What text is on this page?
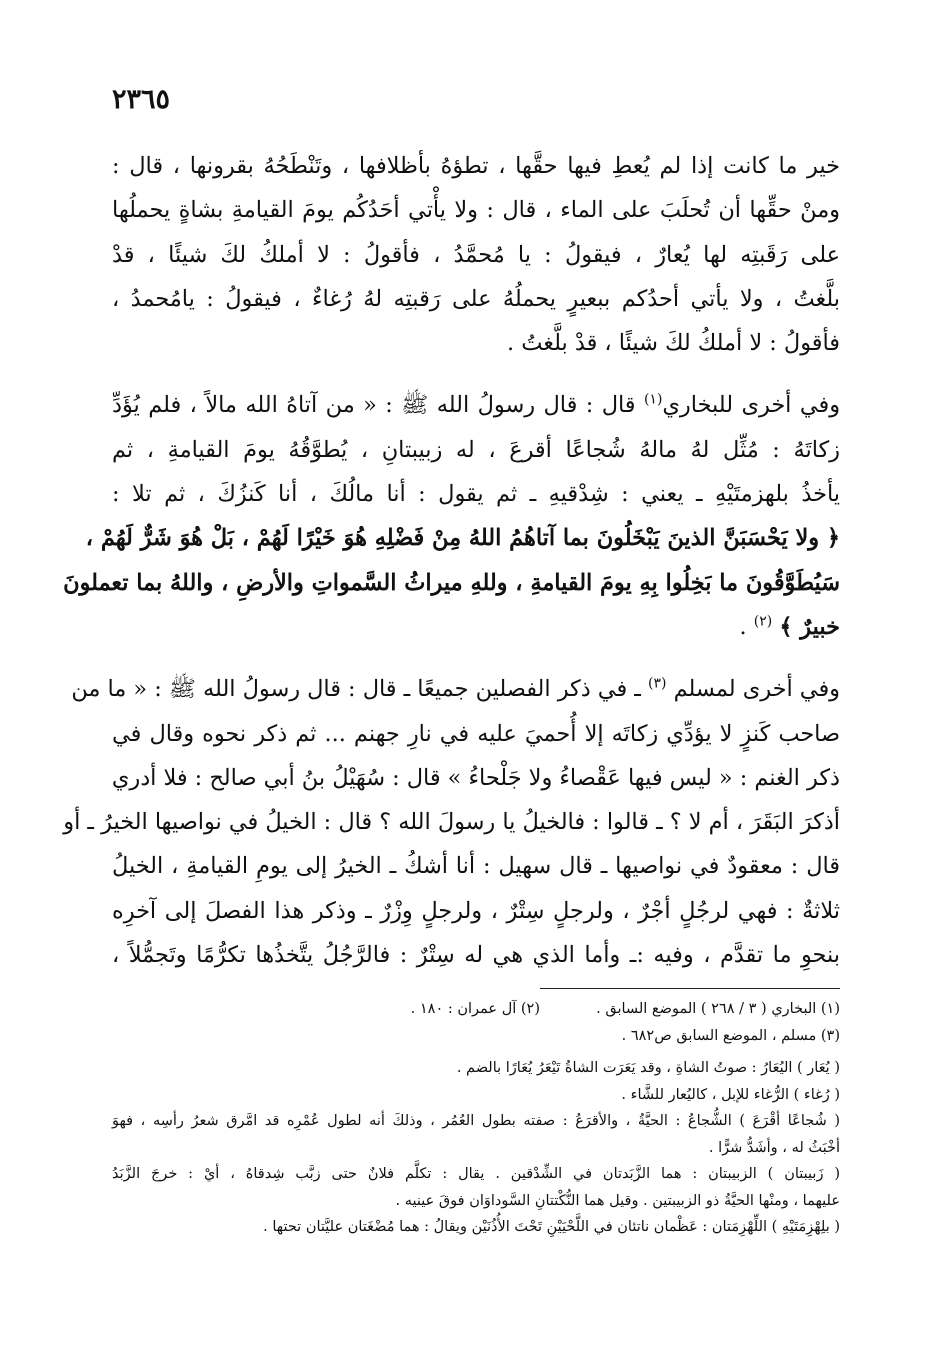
٢٣٦٥
خير ما كانت إذا لم يُعطِ فيها حقَّها ، تطؤهُ بأظلافها ، وتَنْطَحُهُ بقرونها ، قال :
ومنْ حقِّها أن تُحلَبَ على الماء ، قال : ولا يأْتي أحَدُكُم يومَ القيامةِ بشاةٍ يحملُها
على رَقَبتِه لها يُعارٌ ، فيقولُ : يا مُحمَّدُ ، فأقولُ : لا أملكُ لكَ شيئًا ، قدْ
بلَّغتُ ، ولا يأتي أحدُكم ببعيرٍ يحملُهُ على رَقبتِه لهُ رُغاءٌ ، فيقولُ : يامُحمدُ ،
فأقولُ : لا أملكُ لكَ شيئًا ، قدْ بلَّغتُ .
وفي أخرى للبخاري$^{(١)}$ قال : قال رسولُ الله ﷺ : « من آتاهُ الله مالاً ، فلم يُؤَدِّ
زكاتَهُ : مُثِّل لهُ مالهُ شُجاعًا أقرعَ ، له زبيبتانِ ، يُطوَّقُهُ يومَ القيامةِ ، ثم
يأخذُ بلهزمتَيْهِ ـ يعني : شِدْقيهِ ـ ثم يقول : أنا مالُكَ ، أنا كَنزُكَ ، ثم تلا :
﴿ ولا يَحْسَبَنَّ الذينَ يَبْخَلُونَ بما آتاهُمُ اللهُ مِنْ فَضْلِهِ هُوَ خَيْرًا لَهُمْ ، بَلْ هُوَ شَرٌّ لَهُمْ ،
سَيُطَوَّقُونَ ما بَخِلُوا بِهِ يومَ القيامةِ ، وللهِ ميراثُ السَّمواتِ والأرضِ ، واللهُ بما تعملونَ
خبيرٌ ﴾ $^{(٢)}$ .
وفي أخرى لمسلم $^{(٣)}$ ـ في ذكر الفصلين جميعًا ـ قال : قال رسولُ الله ﷺ : « ما من
صاحب كَنزٍ لا يؤدِّي زكاتَه إلا أُحميَ عليه في نارِ جهنم ... ثم ذكر نحوه وقال في
ذكر الغنم : « ليس فيها عَقْصاءُ ولا جَلْحاءُ » قال : سُهَيْلُ بنُ أبي صالح : فلا أدري
أذكرَ البَقَرَ ، أم لا ؟ ـ قالوا : فالخيلُ يا رسولَ الله ؟ قال : الخيلُ في نواصيها الخيرُ ـ أو
قال : معقودٌ في نواصيها ـ قال سهيل : أنا أشكُ ـ الخيرُ إلى يومِ القيامةِ ، الخيلُ
ثلاثةٌ : فهي لرجُلٍ أجْرٌ ، ولرجلٍ سِتْرٌ ، ولرجلٍ وِزْرٌ ـ وذكر هذا الفصلَ إلى آخرِه
بنحوِ ما تقدَّم ، وفيه :ـ وأما الذي هي له سِتْرٌ : فالرَّجُلُ يتَّخذُها تكرُّمًا وتَجمُّلاً ،
(١) البخاري ( ٣ / ٢٦٨ ) الموضع السابق .
(٢) آل عمران : ١٨٠ .
(٣) مسلم ، الموضع السابق ص٦٨٢ .
( يُعَار ) اليُعَارُ : صوتُ الشاةِ ، وقد يَعَرَت الشاةُ تَيْعَرُ يُعَارًا بالضم .
( رُغاء ) الرُّغاء للإبل ، كاليُعار للشَّاء .
( شُجاعًا أقْرَعَ ) الشُّجاعُ : الحيَّةُ ، والأقرَعُ : صفته بطول العُمُر ، وذلكَ أنه لطول عُمْرِه قد امَّرق شعرُ رأسِه ، فهوَ
أخْبَثُ له ، وأشَدُّ شرًّا .
( زَبيبتان ) الزبيبتان : هما الزَّبَدتان في الشِّدْقين . يقال : تكلَّم فلانٌ حتى زبَّب شِدقاهُ ، أيْ : خرجَ الزَّبَدُ
عليهما ، ومنْها الحيَّةُ ذو الزبيبتين . وقيل هما النُّكْتتانِ السَّوداوَان فوقَ عينيه .
( بلِهْزِمَتَيْهِ ) اللِّهْزِمَتان : عَظْمان ناتئان في اللَّحْيَيْنِ تَحْتَ الأُذُنَيْن ويقالُ : هما مُضْغَتان عليَّتان تحتها .
